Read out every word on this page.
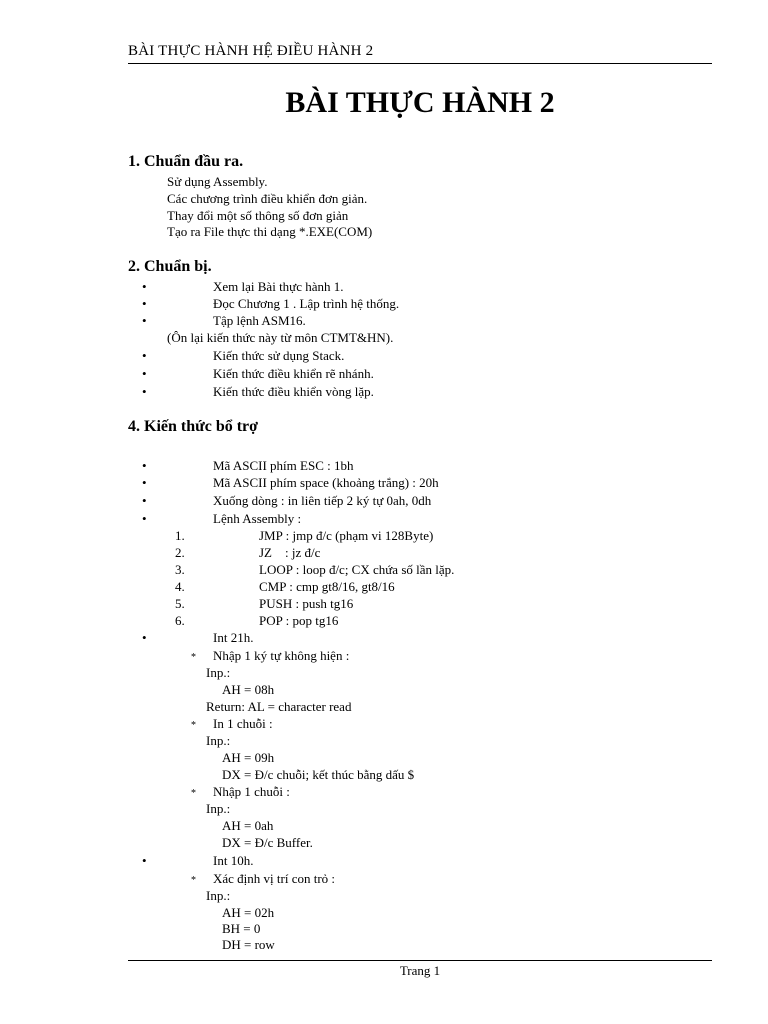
BÀI THỰC HÀNH HỆ ĐIỀU HÀNH 2
BÀI THỰC HÀNH 2
1. Chuẩn đầu ra.
Sử dụng Assembly.
Các chương trình điều khiển đơn giản.
Thay đổi một số thông số đơn giản
Tạo ra File thực thi dạng *.EXE(COM)
2. Chuẩn bị.
•	Xem lại Bài thực hành 1.
•	Đọc Chương 1 . Lập trình hệ thống.
•	Tập lệnh ASM16.
(Ôn lại kiến thức này từ môn CTMT&HN).
•	Kiến thức sử dụng Stack.
•	Kiến thức điều khiển rẽ nhánh.
•	Kiến thức điều khiển vòng lặp.
4. Kiến thức bổ trợ
•	Mã ASCII phím ESC : 1bh
•	Mã ASCII phím space (khoảng trắng) : 20h
•	Xuống dòng : in liên tiếp 2 ký tự 0ah, 0dh
•	Lệnh Assembly :
1.	JMP : jmp đ/c (phạm vi 128Byte)
2.	JZ    : jz đ/c
3.	LOOP : loop đ/c; CX chứa số lần lặp.
4.	CMP : cmp gt8/16, gt8/16
5.	PUSH : push tg16
6.	POP : pop tg16
•	Int 21h.
* Nhập 1 ký tự không hiện :
Inp.:
AH = 08h
Return: AL = character read
* In 1 chuỗi :
Inp.:
AH = 09h
DX = Đ/c chuỗi; kết thúc bằng dấu $
* Nhập 1 chuỗi :
Inp.:
AH = 0ah
DX = Đ/c Buffer.
•	Int 10h.
* Xác định vị trí con trỏ :
Inp.:
AH = 02h
BH = 0
DH = row
Trang 1
